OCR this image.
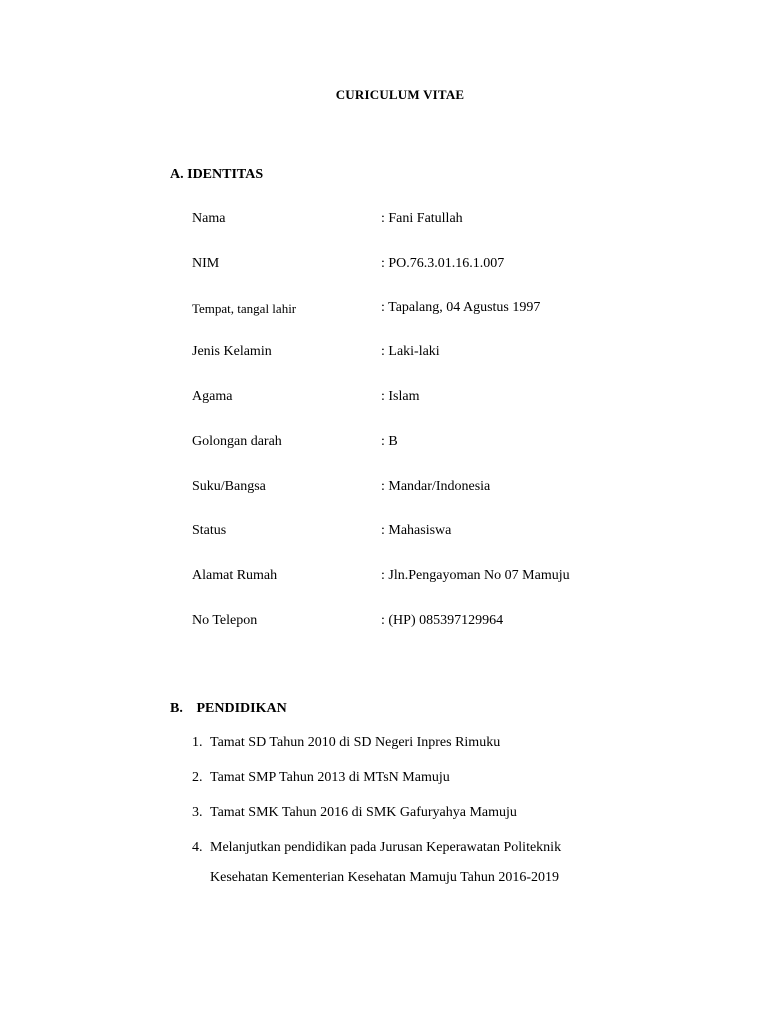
CURICULUM VITAE
A. IDENTITAS
Nama	: Fani Fatullah
NIM	: PO.76.3.01.16.1.007
Tempat, tangal lahir	: Tapalang, 04 Agustus 1997
Jenis Kelamin	: Laki-laki
Agama	: Islam
Golongan darah	: B
Suku/Bangsa	: Mandar/Indonesia
Status	: Mahasiswa
Alamat Rumah	: Jln.Pengayoman No 07 Mamuju
No Telepon	: (HP) 085397129964
B. PENDIDIKAN
1. Tamat SD Tahun 2010 di SD Negeri Inpres Rimuku
2. Tamat SMP Tahun 2013 di MTsN Mamuju
3. Tamat SMK Tahun 2016 di SMK Gafuryahya Mamuju
4. Melanjutkan pendidikan pada Jurusan Keperawatan Politeknik
Kesehatan Kementerian Kesehatan Mamuju Tahun 2016-2019
